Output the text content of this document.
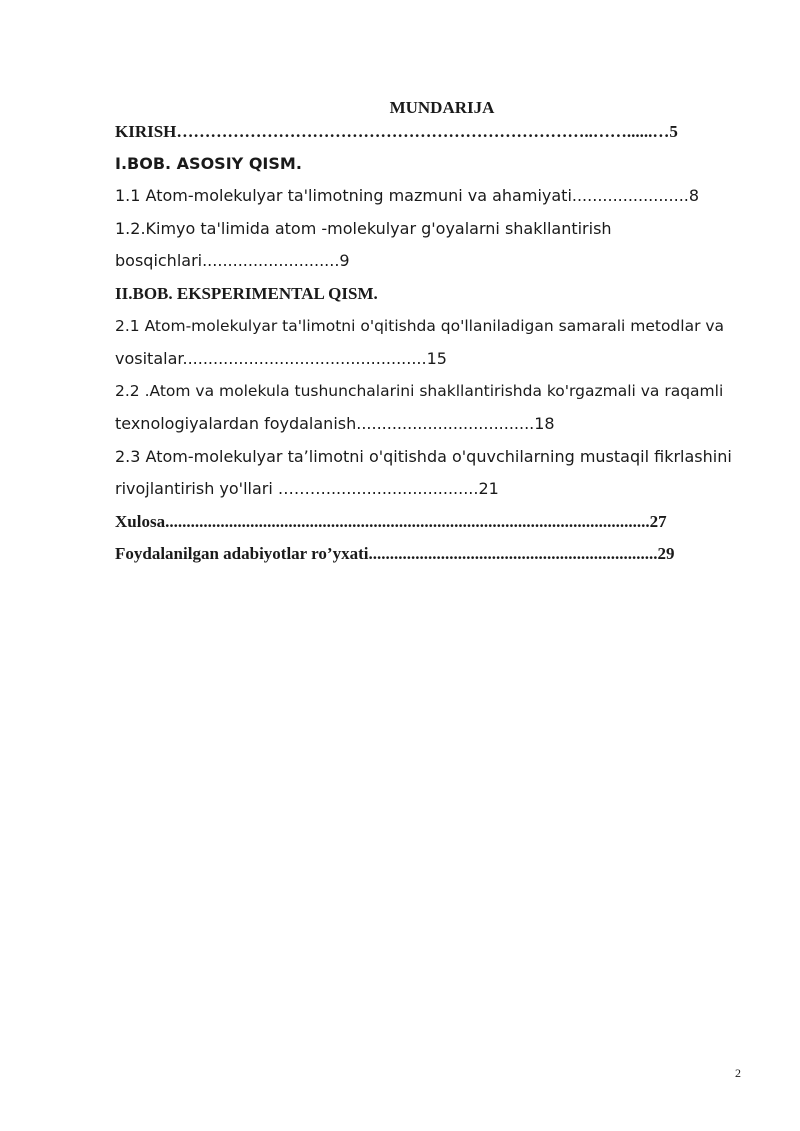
MUNDARIJA
KIRISH………………………………………………………………..……......…5
I.BOB. ASOSIY QISM.
1.1 Atom-molekulyar ta'limotning mazmuni va ahamiyati.......................8
1.2.Kimyo ta'limida atom -molekulyar g'oyalarni shakllantirish
bosqichlari...........................9
II.BOB. EKSPERIMENTAL QISM.
2.1 Atom-molekulyar ta'limotni o'qitishda qo'llaniladigan samarali metodlar va
vositalar................................................15
2.2 .Atom va molekula tushunchalarini shakllantirishda ko'rgazmali va raqamli
texnologiyalardan foydalanish...................................18
2.3 Atom-molekulyar ta’limotni o'qitishda o'quvchilarning mustaqil fikrlashini
rivojlantirish yo'llari ………..............................21
Xulosa..................................................................................................................27
Foydalanilgan adabiyotlar ro’yxati....................................................................29
2
